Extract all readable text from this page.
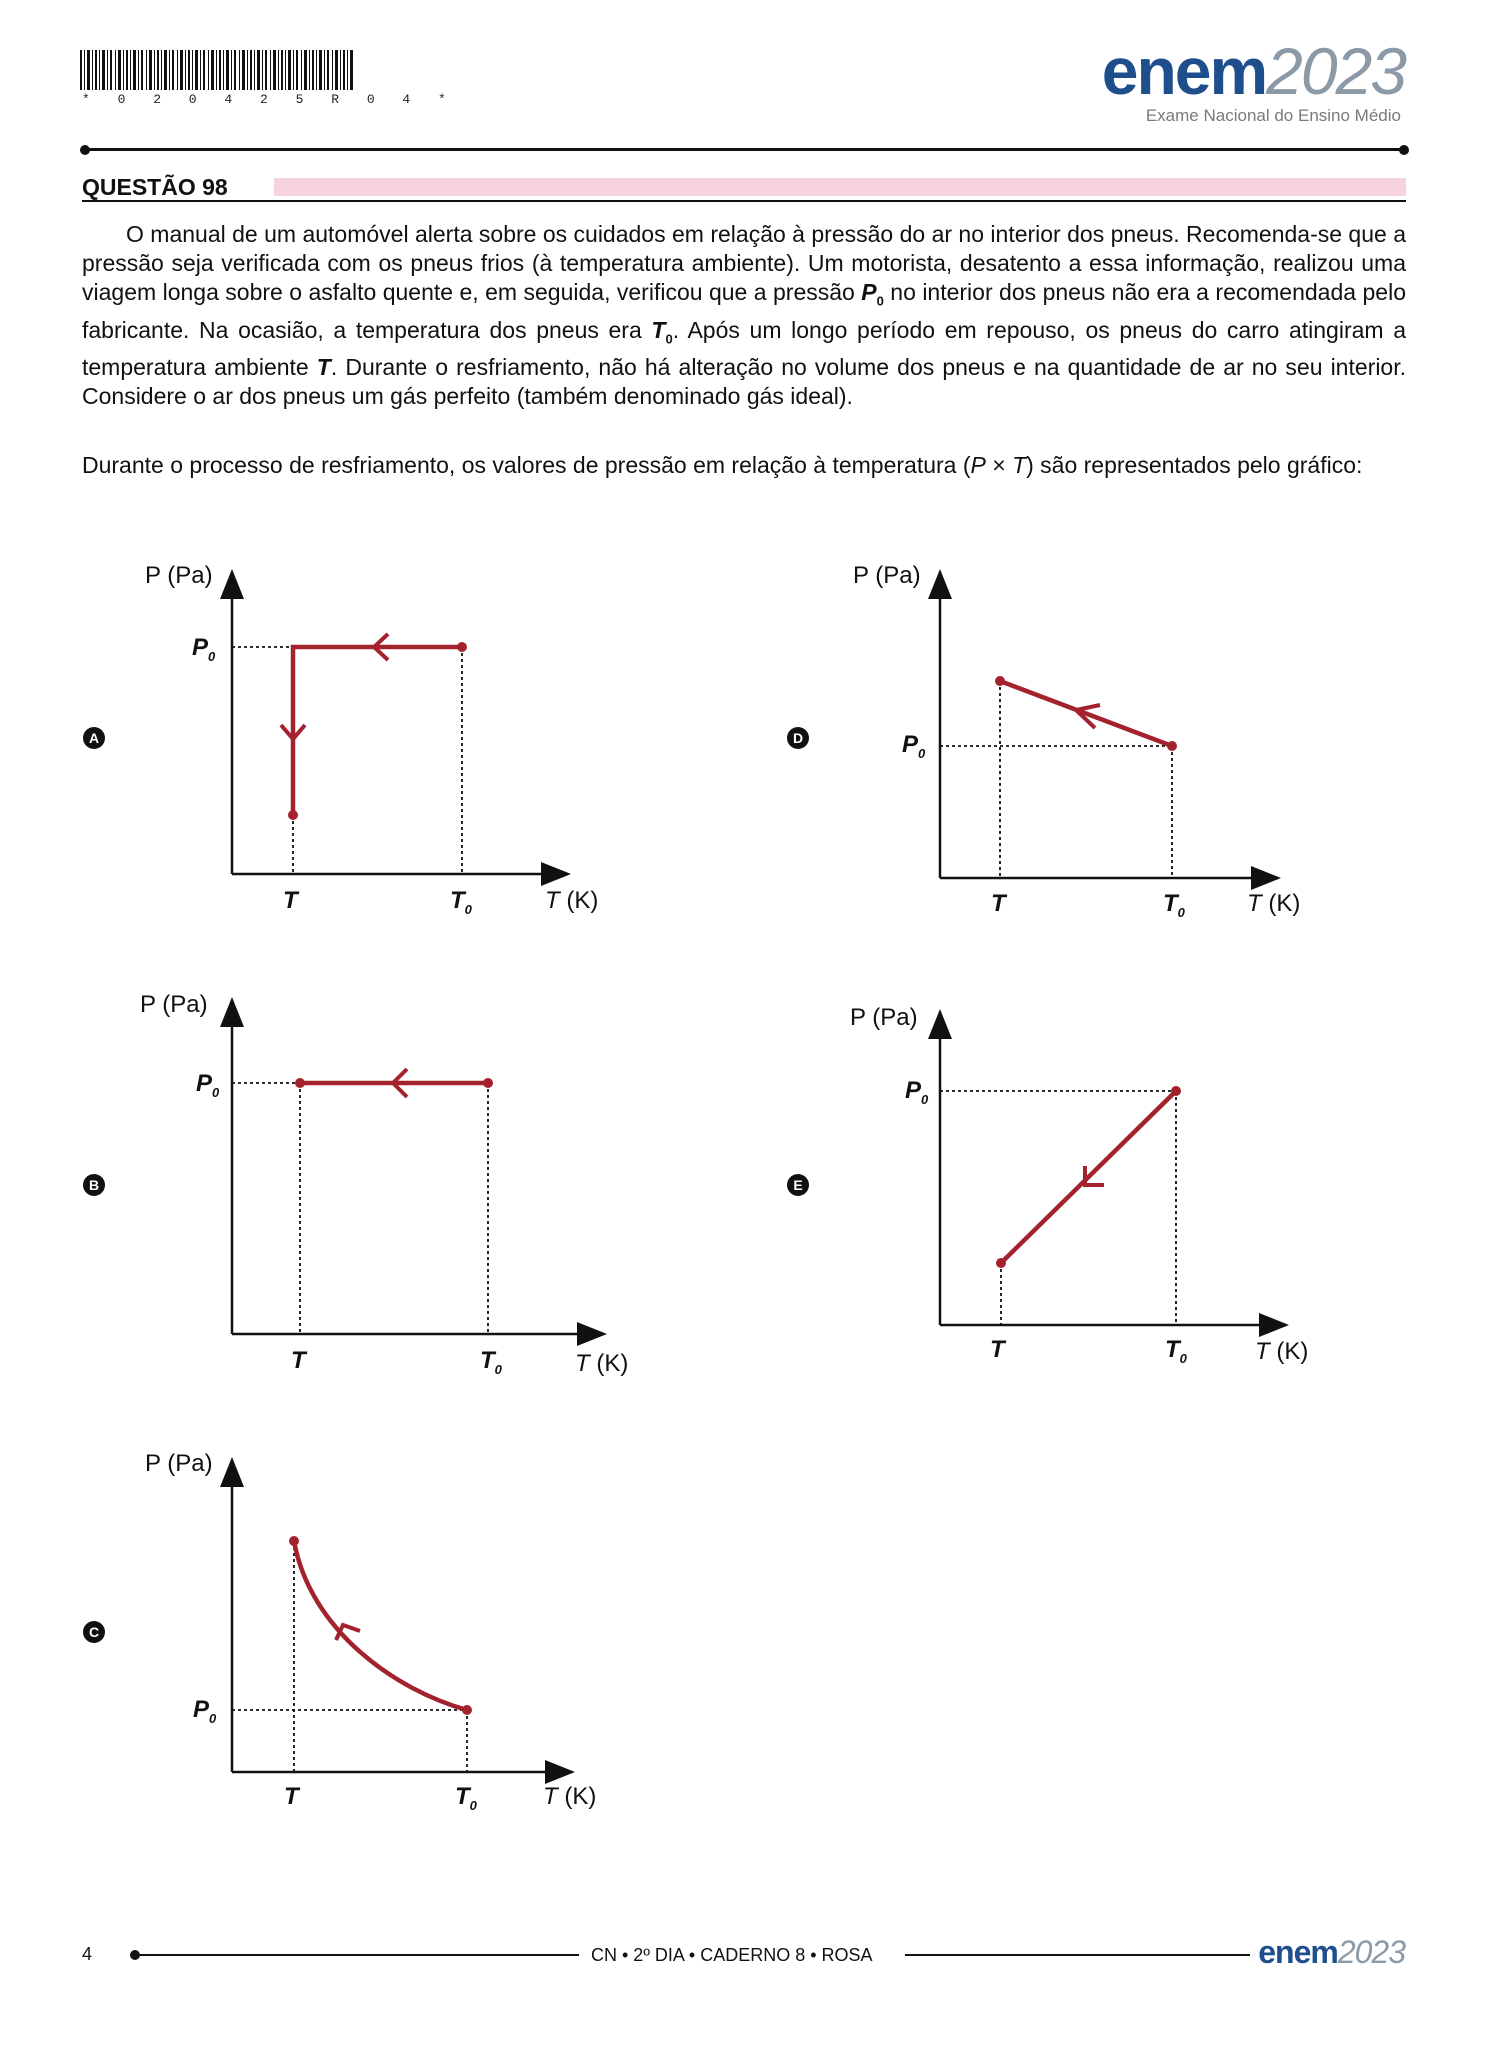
* 0 2 0 4 2 5 R 0 4 *	enem2023
Exame Nacional do Ensino Médio
QUESTÃO 98
O manual de um automóvel alerta sobre os cuidados em relação à pressão do ar no interior dos pneus. Recomenda-se que a pressão seja verificada com os pneus frios (à temperatura ambiente). Um motorista, desatento a essa informação, realizou uma viagem longa sobre o asfalto quente e, em seguida, verificou que a pressão $P_0$ no interior dos pneus não era a recomendada pelo fabricante. Na ocasião, a temperatura dos pneus era $T_0$. Após um longo período em repouso, os pneus do carro atingiram a temperatura ambiente T. Durante o resfriamento, não há alteração no volume dos pneus e na quantidade de ar no seu interior. Considere o ar dos pneus um gás perfeito (também denominado gás ideal).
Durante o processo de resfriamento, os valores de pressão em relação à temperatura (P × T) são representados pelo gráfico:
A
B
C
D
E
P (Pa)
$P_0$
T	$T_0$	T (K)
P (Pa)
$P_0$
T	$T_0$	T (K)
P (Pa)
$P_0$
T	$T_0$	T (K)
P (Pa)
$P_0$
T	$T_0$	T (K)
P (Pa)
$P_0$
T	$T_0$	T (K)
4	CN • 2º DIA • CADERNO 8 • ROSA	enem2023
